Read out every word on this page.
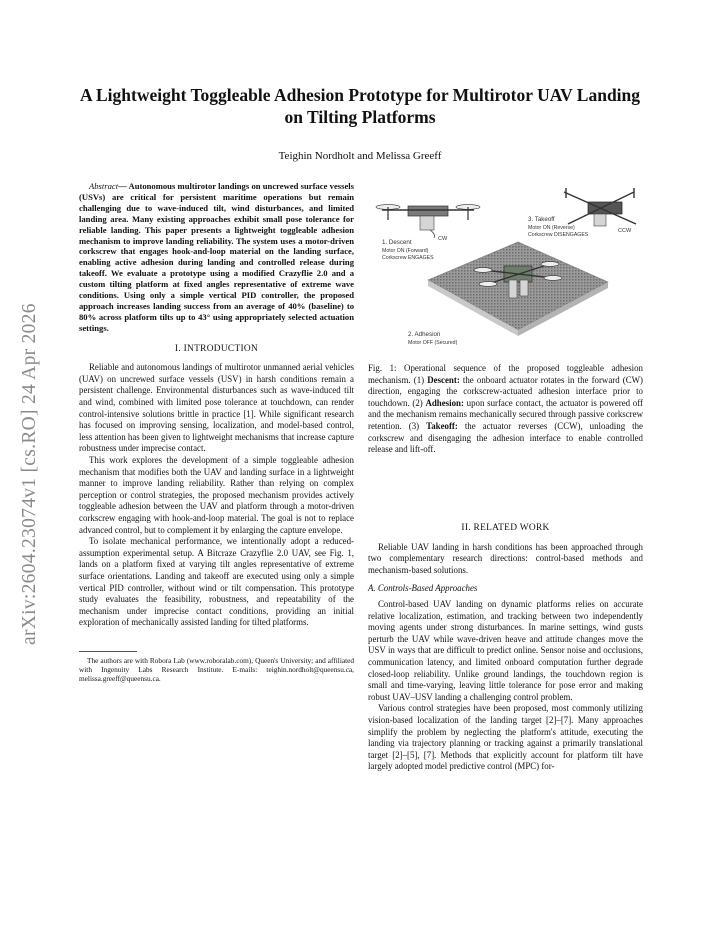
arXiv:2604.23074v1 [cs.RO] 24 Apr 2026
A Lightweight Toggleable Adhesion Prototype for Multirotor UAV Landing on Tilting Platforms
Teighin Nordholt and Melissa Greeff

Abstract— Autonomous multirotor landings on uncrewed surface vessels (USVs) are critical for persistent maritime operations but remain challenging due to wave-induced tilt, wind disturbances, and limited landing area. Many existing approaches exhibit small pose tolerance for reliable landing. This paper presents a lightweight toggleable adhesion mechanism to improve landing reliability. The system uses a motor-driven corkscrew that engages hook-and-loop material on the landing surface, enabling active adhesion during landing and controlled release during takeoff. We evaluate a prototype using a modified Crazyflie 2.0 and a custom tilting platform at fixed angles representative of extreme wave conditions. Using only a simple vertical PID controller, the proposed approach increases landing success from an average of 40% (baseline) to 80% across platform tilts up to 43° using appropriately selected actuation settings.

I. INTRODUCTION

Reliable and autonomous landings of multirotor unmanned aerial vehicles (UAV) on uncrewed surface vessels (USV) in harsh conditions remain a persistent challenge. Environmental disturbances such as wave-induced tilt and wind, combined with limited pose tolerance at touchdown, can render control-intensive solutions brittle in practice [1]. While significant research has focused on improving sensing, localization, and model-based control, less attention has been given to lightweight mechanisms that increase capture robustness under imprecise contact.

This work explores the development of a simple toggleable adhesion mechanism that modifies both the UAV and landing surface in a lightweight manner to improve landing reliability. Rather than relying on complex perception or control strategies, the proposed mechanism provides actively toggleable adhesion between the UAV and platform through a motor-driven corkscrew engaging with hook-and-loop material. The goal is not to replace advanced control, but to complement it by enlarging the capture envelope.

To isolate mechanical performance, we intentionally adopt a reduced-assumption experimental setup. A Bitcraze Crazyflie 2.0 UAV, see Fig. 1, lands on a platform fixed at varying tilt angles representative of extreme surface orientations. Landing and takeoff are executed using only a simple vertical PID controller, without wind or tilt compensation. This prototype study evaluates the feasibility, robustness, and repeatability of the mechanism under imprecise contact conditions, providing an initial exploration of mechanically assisted landing for tilted platforms.

The authors are with Robora Lab (www.roboralab.com), Queen's University; and affiliated with Ingenuity Labs Research Institute. E-mails: teighin.nordholt@queensu.ca, melissa.greeff@queensu.ca.

CW
CCW
1. Descent
Motor ON (Forward)
Corkscrew ENGAGES
3. Takeoff
Motor ON (Reverse)
Corkscrew DISENGAGES
2. Adhesion
Motor OFF (Secured)

Fig. 1: Operational sequence of the proposed toggleable adhesion mechanism. (1) Descent: the onboard actuator rotates in the forward (CW) direction, engaging the corkscrew-actuated adhesion interface prior to touchdown. (2) Adhesion: upon surface contact, the actuator is powered off and the mechanism remains mechanically secured through passive corkscrew retention. (3) Takeoff: the actuator reverses (CCW), unloading the corkscrew and disengaging the adhesion interface to enable controlled release and lift-off.

II. RELATED WORK

Reliable UAV landing in harsh conditions has been approached through two complementary research directions: control-based methods and mechanism-based solutions.

A. Controls-Based Approaches

Control-based UAV landing on dynamic platforms relies on accurate relative localization, estimation, and tracking between two independently moving agents under strong disturbances. In marine settings, wind gusts perturb the UAV while wave-driven heave and attitude changes move the USV in ways that are difficult to predict online. Sensor noise and occlusions, communication latency, and limited onboard computation further degrade closed-loop reliability. Unlike ground landings, the touchdown region is small and time-varying, leaving little tolerance for pose error and making robust UAV–USV landing a challenging control problem.

Various control strategies have been proposed, most commonly utilizing vision-based localization of the landing target [2]–[7]. Many approaches simplify the problem by neglecting the platform's attitude, executing the landing via trajectory planning or tracking against a primarily translational target [2]–[5], [7]. Methods that explicitly account for platform tilt have largely adopted model predictive control (MPC) for-
